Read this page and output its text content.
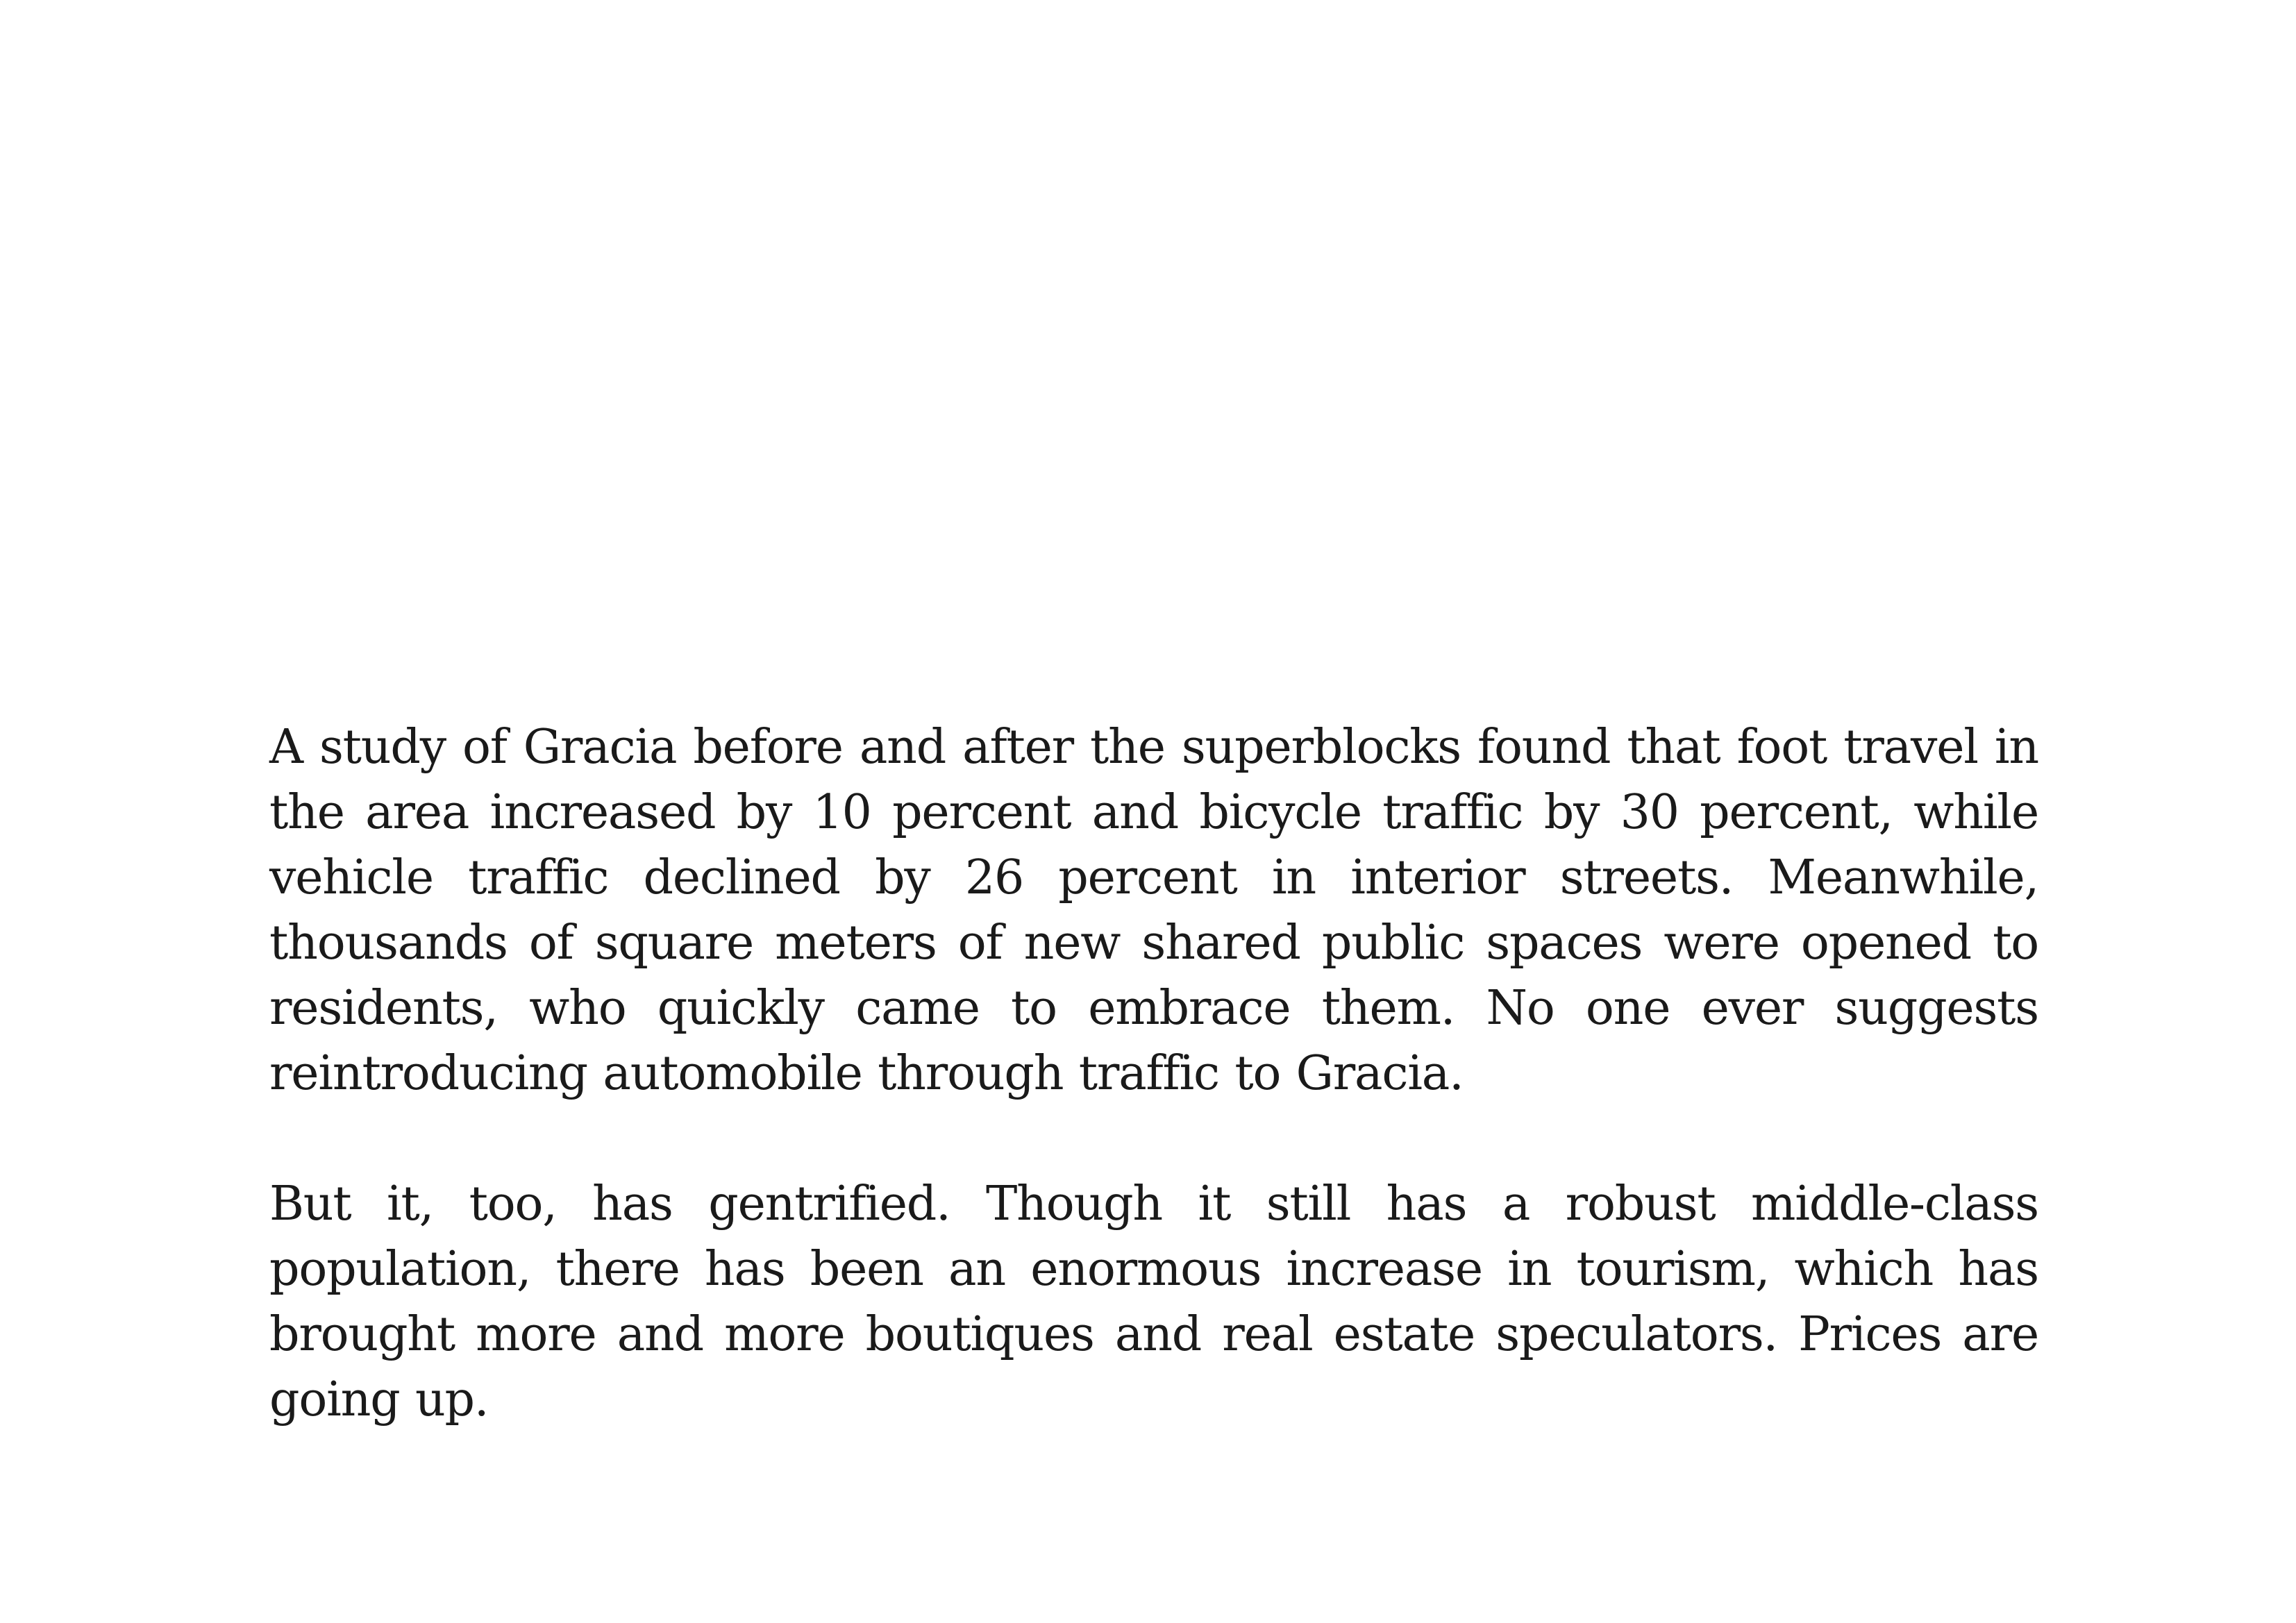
A study of Gracia before and after the superblocks found that foot travel in the area increased by 10 percent and bicycle traffic by 30 percent, while vehicle traffic declined by 26 percent in interior streets. Meanwhile, thousands of square meters of new shared public spaces were opened to residents, who quickly came to embrace them. No one ever suggests reintroducing automobile through traffic to Gracia.

But it, too, has gentrified. Though it still has a robust middle-class population, there has been an enormous increase in tourism, which has brought more and more boutiques and real estate speculators. Prices are going up.
